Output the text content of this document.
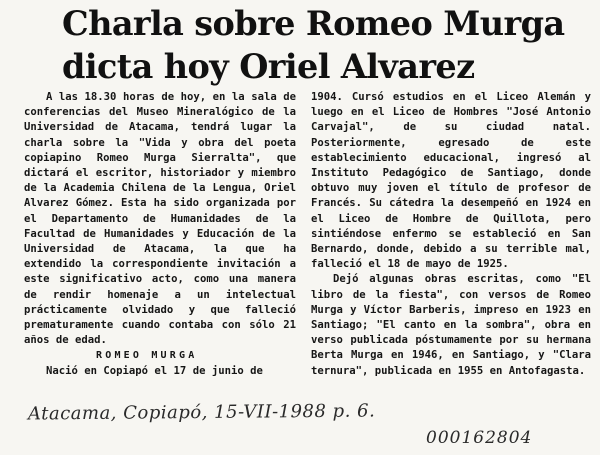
Charla sobre Romeo Murga
dicta hoy Oriel Alvarez

A las 18.30 horas de hoy, en la sala de conferencias del Museo Mineralógico de la Universidad de Atacama, tendrá lugar la charla sobre la "Vida y obra del poeta copiapino Romeo Murga Sierralta", que dictará el escritor, historiador y miembro de la Academia Chilena de la Lengua, Oriel Alvarez Gómez. Esta ha sido organizada por el Departamento de Humanidades de la Facultad de Humanidades y Educación de la Universidad de Atacama, la que ha extendido la correspondiente invitación a este significativo acto, como una manera de rendir homenaje a un intelectual prácticamente olvidado y que falleció prematuramente cuando contaba con sólo 21 años de edad.

ROMEO MURGA

Nació en Copiapó el 17 de junio de

1904. Cursó estudios en el Liceo Alemán y luego en el Liceo de Hombres "José Antonio Carvajal", de su ciudad natal. Posteriormente, egresado de este establecimiento educacional, ingresó al Instituto Pedagógico de Santiago, donde obtuvo muy joven el título de profesor de Francés. Su cátedra la desempeñó en 1924 en el Liceo de Hombre de Quillota, pero sintiéndose enfermo se estableció en San Bernardo, donde, debido a su terrible mal, falleció el 18 de mayo de 1925.

Dejó algunas obras escritas, como "El libro de la fiesta", con versos de Romeo Murga y Víctor Barberis, impreso en 1923 en Santiago; "El canto en la sombra", obra en verso publicada póstumamente por su hermana Berta Murga en 1946, en Santiago, y "Clara ternura", publicada en 1955 en Antofagasta.

Atacama, Copiapó, 15-VII-1988 p. 6.
000162804
